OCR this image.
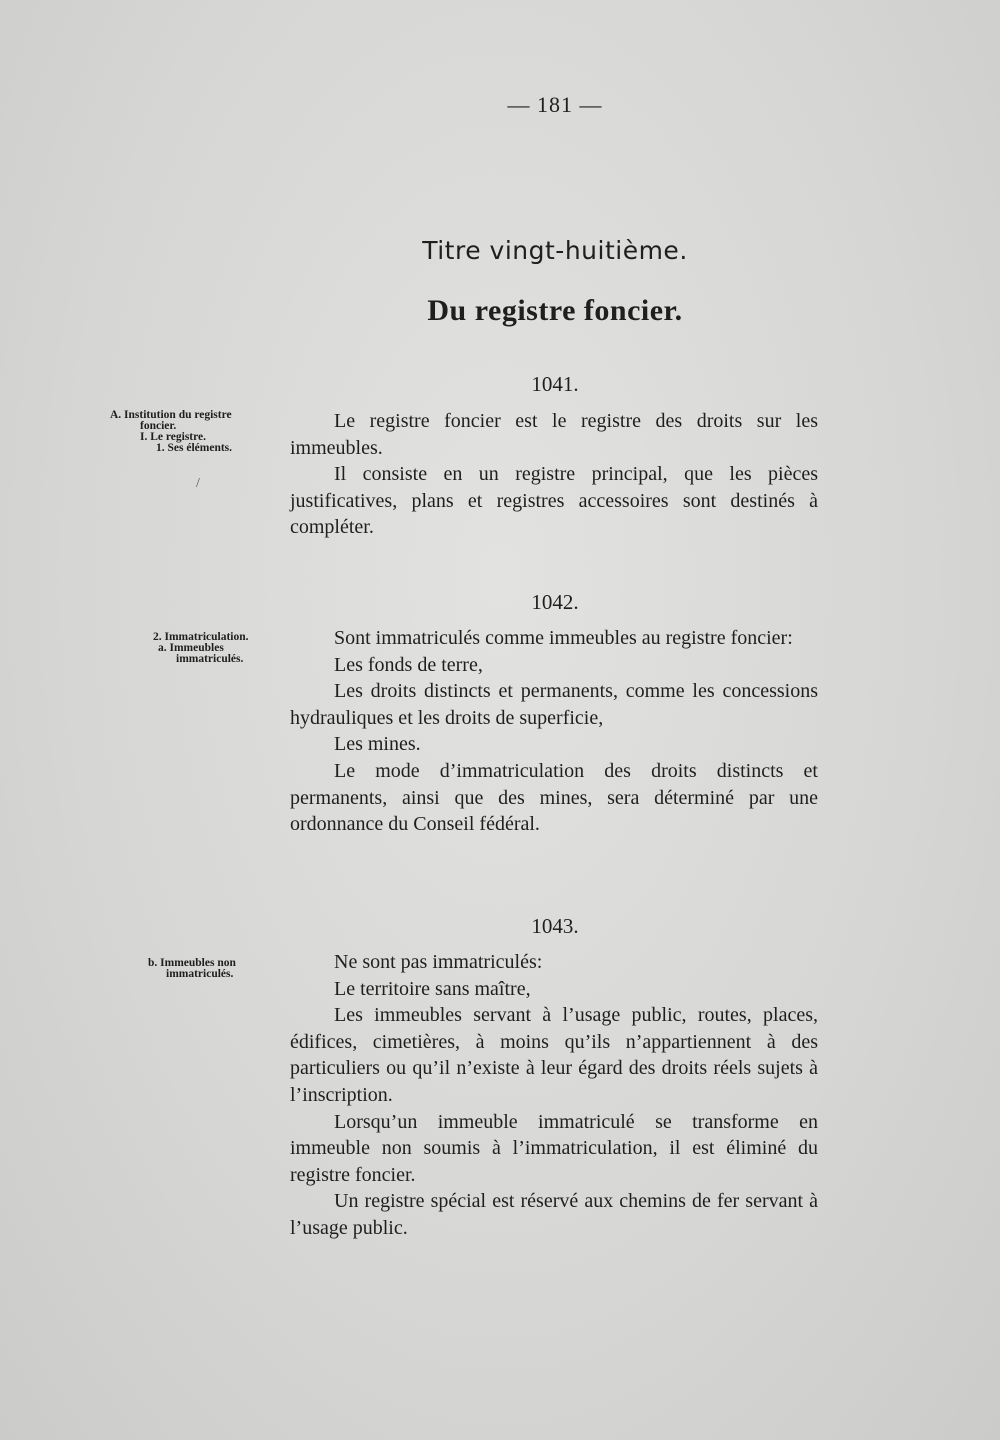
— 181 —
Titre vingt-huitième.
Du registre foncier.
1041.
A. Institution du registre
foncier.
I. Le registre.
1. Ses éléments.
/

Le registre foncier est le registre des droits sur les immeubles.

Il consiste en un registre principal, que les pièces justificatives, plans et registres accessoires sont destinés à compléter.

1042.
2. Immatriculation.
a. Immeubles
immatriculés.

Sont immatriculés comme immeubles au registre foncier:

Les fonds de terre,

Les droits distincts et permanents, comme les concessions hydrauliques et les droits de superficie,

Les mines.

Le mode d’immatriculation des droits distincts et permanents, ainsi que des mines, sera déterminé par une ordonnance du Conseil fédéral.

1043.
b. Immeubles non
immatriculés.

Ne sont pas immatriculés:

Le territoire sans maître,

Les immeubles servant à l’usage public, routes, places, édifices, cimetières, à moins qu’ils n’appartiennent à des particuliers ou qu’il n’existe à leur égard des droits réels sujets à l’inscription.

Lorsqu’un immeuble immatriculé se transforme en immeuble non soumis à l’immatriculation, il est éliminé du registre foncier.

Un registre spécial est réservé aux chemins de fer servant à l’usage public.
